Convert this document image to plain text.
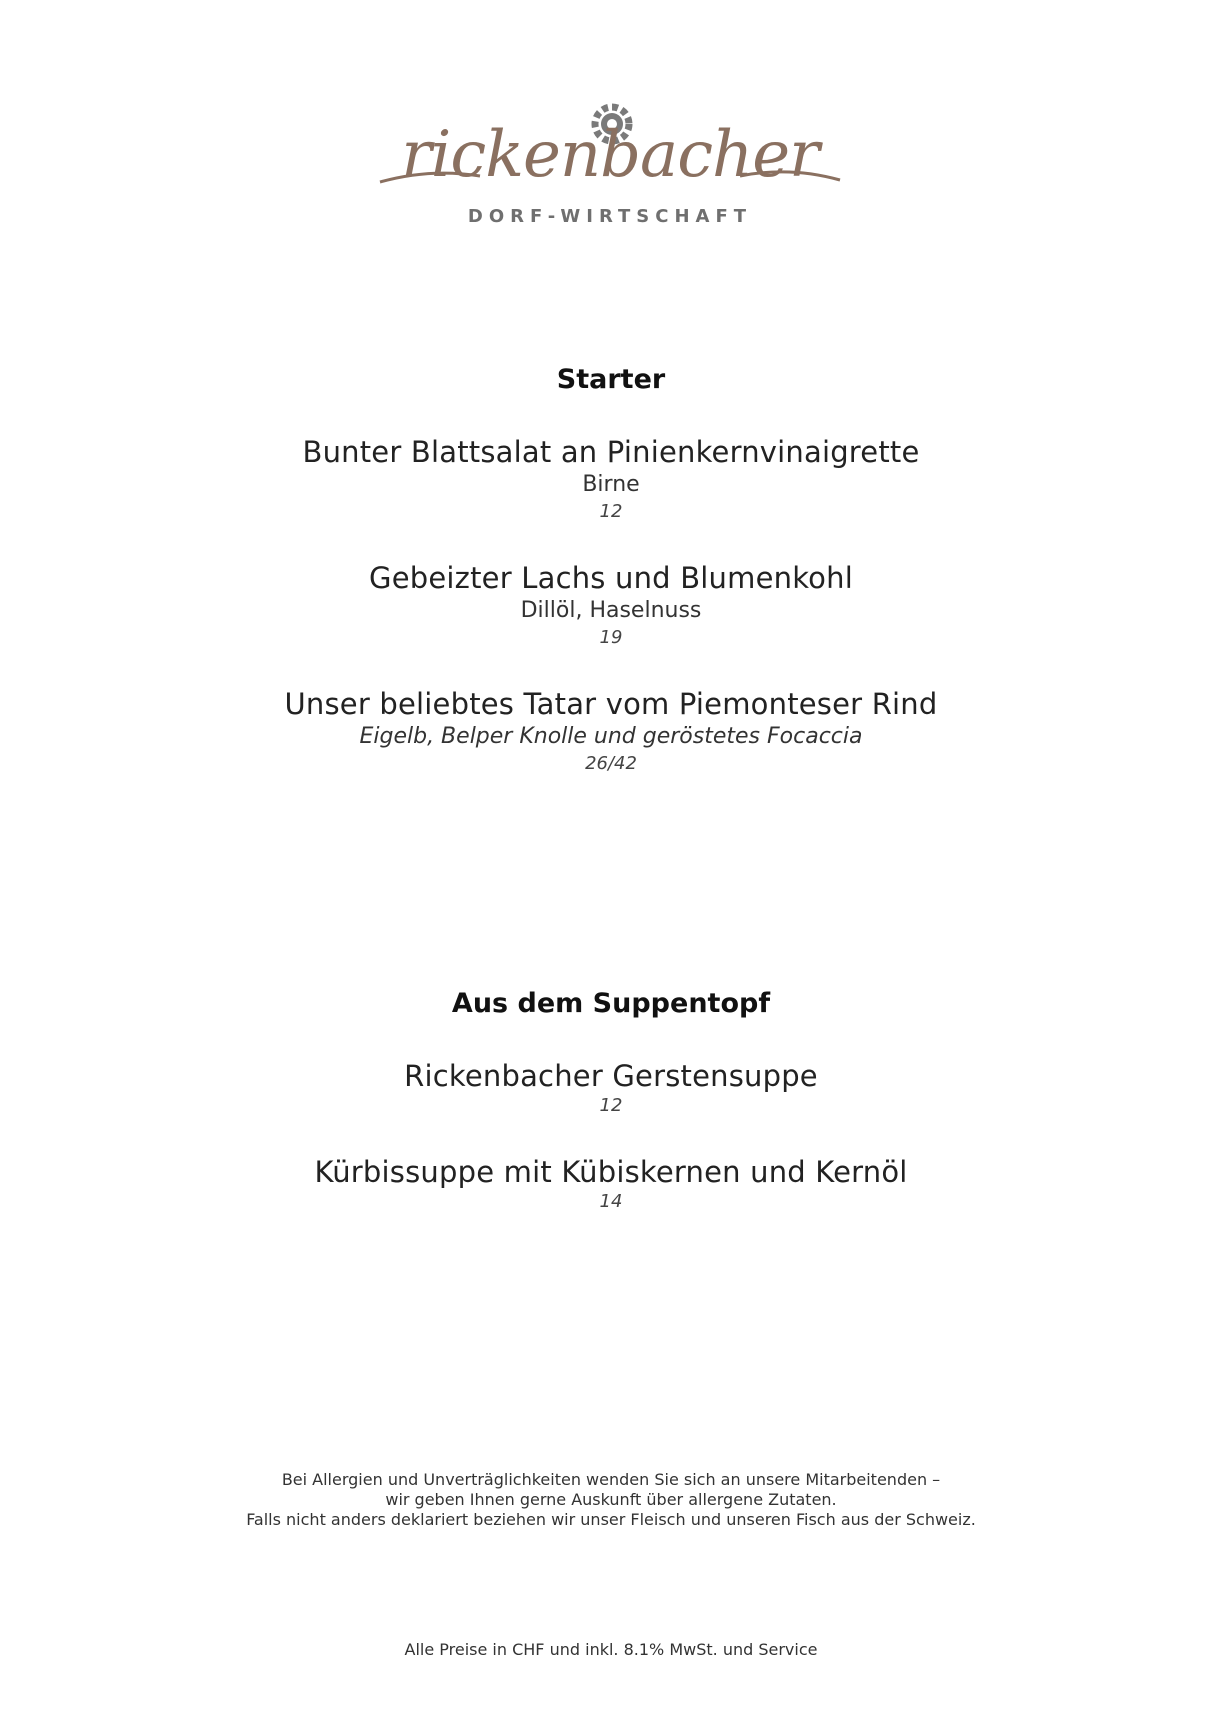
rickenbacher
DORF-WIRTSCHAFT
Starter
Bunter Blattsalat an Pinienkernvinaigrette
Birne
12
Gebeizter Lachs und Blumenkohl
Dillöl, Haselnuss
19
Unser beliebtes Tatar vom Piemonteser Rind
Eigelb, Belper Knolle und geröstetes Focaccia
26/42
Aus dem Suppentopf
Rickenbacher Gerstensuppe
12
Kürbissuppe mit Kübiskernen und Kernöl
14
Bei Allergien und Unverträglichkeiten wenden Sie sich an unsere Mitarbeitenden –
wir geben Ihnen gerne Auskunft über allergene Zutaten.
Falls nicht anders deklariert beziehen wir unser Fleisch und unseren Fisch aus der Schweiz.
Alle Preise in CHF und inkl. 8.1% MwSt. und Service
